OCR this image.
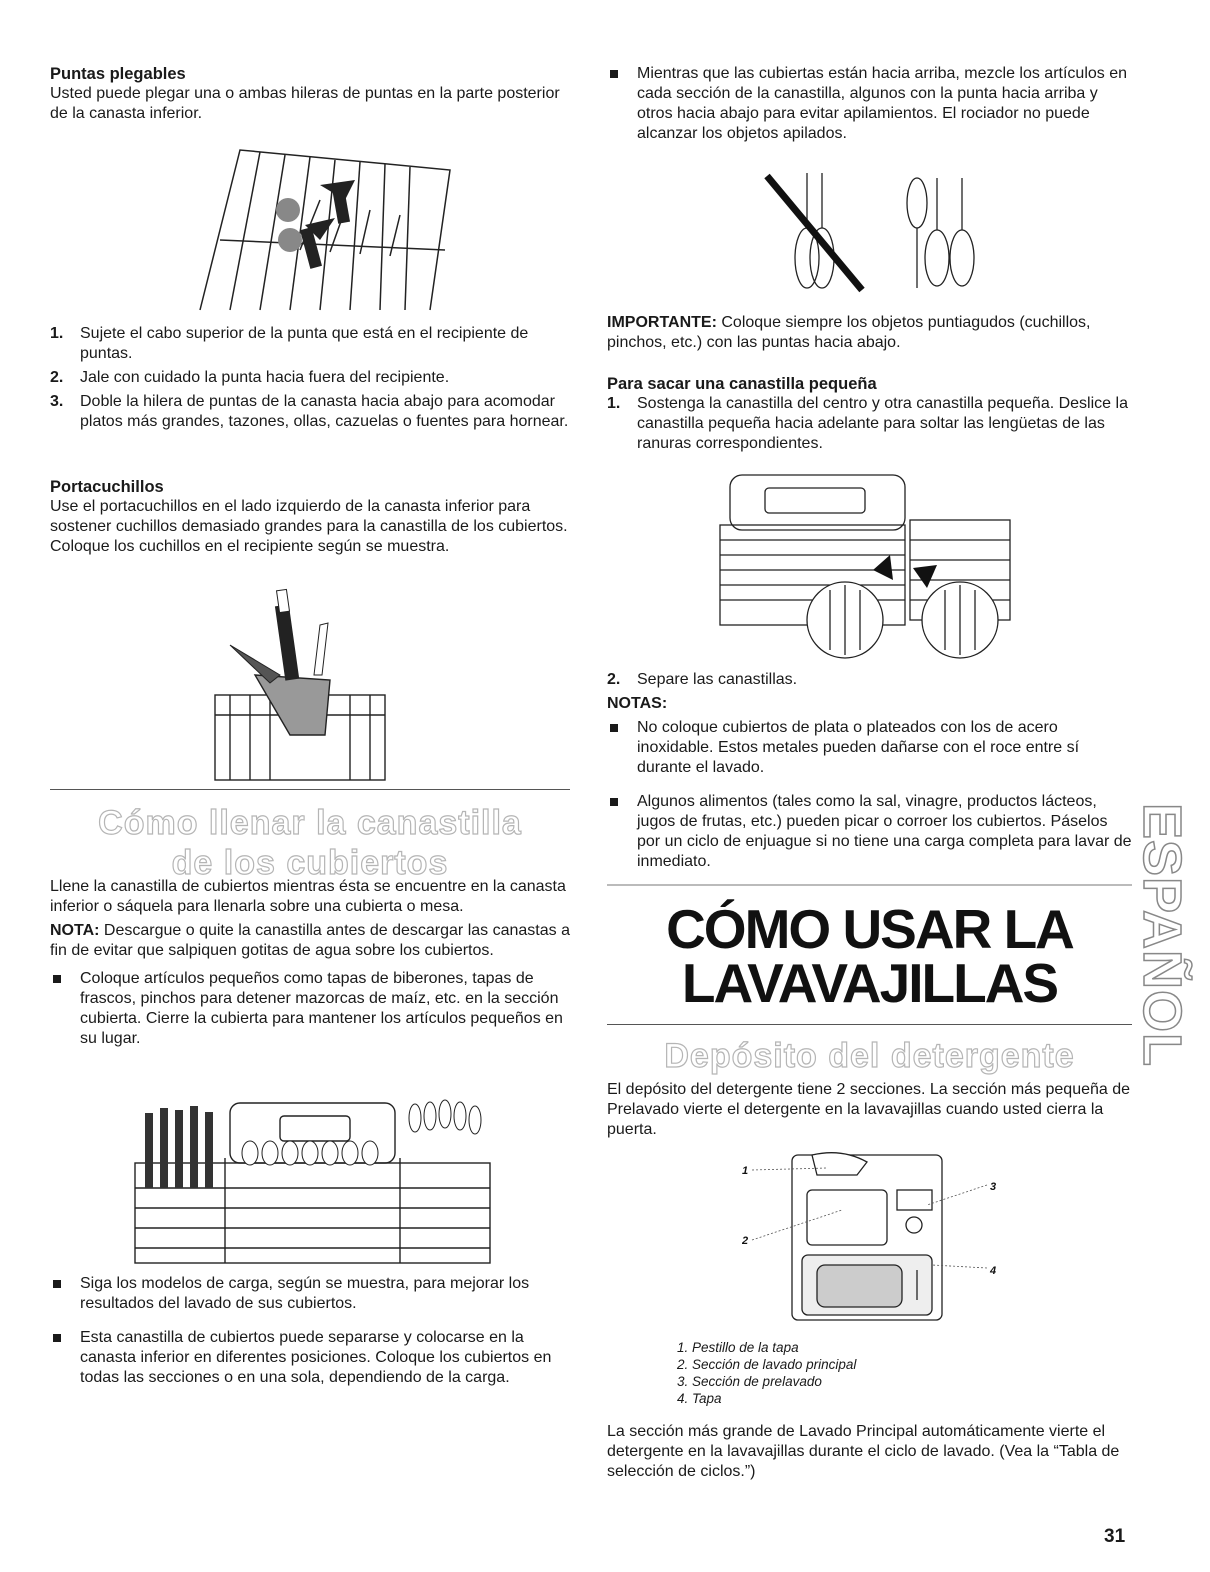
Puntas plegables

Usted puede plegar una o ambas hileras de puntas en la parte posterior de la canasta inferior.

1. Sujete el cabo superior de la punta que está en el recipiente de puntas.
2. Jale con cuidado la punta hacia fuera del recipiente.
3. Doble la hilera de puntas de la canasta hacia abajo para acomodar platos más grandes, tazones, ollas, cazuelas o fuentes para hornear.
Portacuchillos

Use el portacuchillos en el lado izquierdo de la canasta inferior para sostener cuchillos demasiado grandes para la canastilla de los cubiertos. Coloque los cuchillos en el recipiente según se muestra.

Cómo llenar la canastilla
de los cubiertos

Llene la canastilla de cubiertos mientras ésta se encuentre en la canasta inferior o sáquela para llenarla sobre una cubierta o mesa.

NOTA: Descargue o quite la canastilla antes de descargar las canastas a fin de evitar que salpiquen gotitas de agua sobre los cubiertos.

Coloque artículos pequeños como tapas de biberones, tapas de frascos, pinchos para detener mazorcas de maíz, etc. en la sección cubierta. Cierre la cubierta para mantener los artículos pequeños en su lugar.
Siga los modelos de carga, según se muestra, para mejorar los resultados del lavado de sus cubiertos.
Esta canastilla de cubiertos puede separarse y colocarse en la canasta inferior en diferentes posiciones. Coloque los cubiertos en todas las secciones o en una sola, dependiendo de la carga.
Mientras que las cubiertas están hacia arriba, mezcle los artículos en cada sección de la canastilla, algunos con la punta hacia arriba y otros hacia abajo para evitar apilamientos. El rociador no puede alcanzar los objetos apilados.

IMPORTANTE: Coloque siempre los objetos puntiagudos (cuchillos, pinchos, etc.) con las puntas hacia abajo.

Para sacar una canastilla pequeña
1. Sostenga la canastilla del centro y otra canastilla pequeña. Deslice la canastilla pequeña hacia adelante para soltar las lengüetas de las ranuras correspondientes.
2. Separe las canastillas.

NOTAS:

No coloque cubiertos de plata o plateados con los de acero inoxidable. Estos metales pueden dañarse con el roce entre sí durante el lavado.
Algunos alimentos (tales como la sal, vinagre, productos lácteos, jugos de frutas, etc.) pueden picar o corroer los cubiertos. Páselos por un ciclo de enjuague si no tiene una carga completa para lavar de inmediato.
CÓMO USAR LA
LAVAVAJILLAS
Depósito del detergente

El depósito del detergente tiene 2 secciones. La sección más pequeña de Prelavado vierte el detergente en la lavavajillas cuando usted cierra la puerta.

1
2
3
4
1. Pestillo de la tapa
2. Sección de lavado principal
3. Sección de prelavado
4. Tapa

La sección más grande de Lavado Principal automáticamente vierte el detergente en la lavavajillas durante el ciclo de lavado. (Vea la “Tabla de selección de ciclos.”)

ESPAÑOL
31
